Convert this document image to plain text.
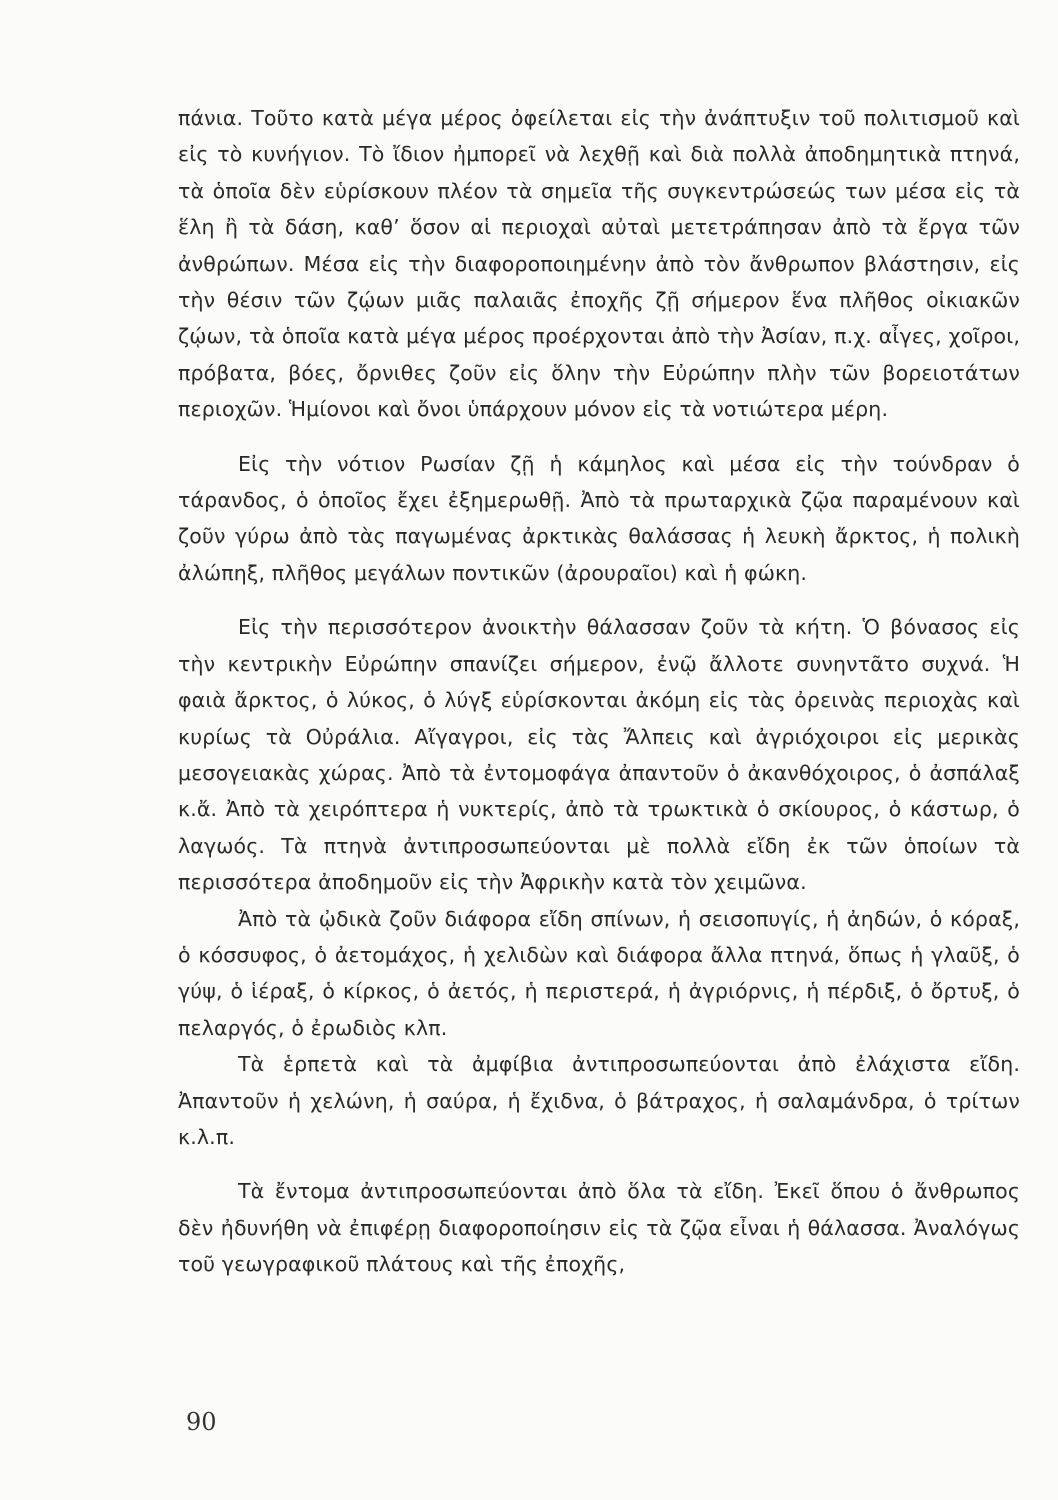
πάνια. Τοῦτο κατὰ μέγα μέρος ὀφείλεται εἰς τὴν ἀνάπτυξιν τοῦ πολιτισμοῦ καὶ εἰς τὸ κυνήγιον. Τὸ ἴδιον ἠμπορεῖ νὰ λεχθῇ καὶ διὰ πολλὰ ἀποδημητικὰ πτηνά, τὰ ὁποῖα δὲν εὑρίσκουν πλέον τὰ σημεῖα τῆς συγκεντρώσεώς των μέσα εἰς τὰ ἕλη ἢ τὰ δάση, καθ’ ὅσον αἱ περιοχαὶ αὐταὶ μετετράπησαν ἀπὸ τὰ ἔργα τῶν ἀνθρώπων. Μέσα εἰς τὴν διαφοροποιημένην ἀπὸ τὸν ἄνθρωπον βλάστησιν, εἰς τὴν θέσιν τῶν ζῴων μιᾶς παλαιᾶς ἐποχῆς ζῇ σήμερον ἕνα πλῆθος οἰκιακῶν ζῴων, τὰ ὁποῖα κατὰ μέγα μέρος προέρχονται ἀπὸ τὴν Ἀσίαν, π.χ. αἶγες, χοῖροι, πρόβατα, βόες, ὄρνιθες ζοῦν εἰς ὅλην τὴν Εὐρώπην πλὴν τῶν βορειοτάτων περιοχῶν. Ἡμίονοι καὶ ὄνοι ὑπάρχουν μόνον εἰς τὰ νοτιώτερα μέρη.

Εἰς τὴν νότιον Ρωσίαν ζῇ ἡ κάμηλος καὶ μέσα εἰς τὴν τούνδραν ὁ τάρανδος, ὁ ὁποῖος ἔχει ἐξημερωθῇ. Ἀπὸ τὰ πρωταρχικὰ ζῷα παραμένουν καὶ ζοῦν γύρω ἀπὸ τὰς παγωμένας ἀρκτικὰς θαλάσσας ἡ λευκὴ ἄρκτος, ἡ πολικὴ ἀλώπηξ, πλῆθος μεγάλων ποντικῶν (ἀρουραῖοι) καὶ ἡ φώκη.

Εἰς τὴν περισσότερον ἀνοικτὴν θάλασσαν ζοῦν τὰ κήτη. Ὁ βόνασος εἰς τὴν κεντρικὴν Εὐρώπην σπανίζει σήμερον, ἐνῷ ἄλλοτε συνηντᾶτο συχνά. Ἡ φαιὰ ἄρκτος, ὁ λύκος, ὁ λύγξ εὑρίσκονται ἀκόμη εἰς τὰς ὀρεινὰς περιοχὰς καὶ κυρίως τὰ Οὐράλια. Αἴγαγροι, εἰς τὰς Ἄλπεις καὶ ἀγριόχοιροι εἰς μερικὰς μεσογειακὰς χώρας. Ἀπὸ τὰ ἐντομοφάγα ἀπαντοῦν ὁ ἀκανθόχοιρος, ὁ ἀσπάλαξ κ.ἄ. Ἀπὸ τὰ χειρόπτερα ἡ νυκτερίς, ἀπὸ τὰ τρωκτικὰ ὁ σκίουρος, ὁ κάστωρ, ὁ λαγωός. Τὰ πτηνὰ ἀντιπροσωπεύονται μὲ πολλὰ εἴδη ἐκ τῶν ὁποίων τὰ περισσότερα ἀποδημοῦν εἰς τὴν Ἀφρικὴν κατὰ τὸν χειμῶνα.

Ἀπὸ τὰ ᾠδικὰ ζοῦν διάφορα εἴδη σπίνων, ἡ σεισοπυγίς, ἡ ἀηδών, ὁ κόραξ, ὁ κόσσυφος, ὁ ἀετομάχος, ἡ χελιδὼν καὶ διάφορα ἄλλα πτηνά, ὅπως ἡ γλαῦξ, ὁ γύψ, ὁ ἱέραξ, ὁ κίρκος, ὁ ἀετός, ἡ περιστερά, ἡ ἀγριόρνις, ἡ πέρδιξ, ὁ ὄρτυξ, ὁ πελαργός, ὁ ἐρωδιὸς κλπ.

Τὰ ἑρπετὰ καὶ τὰ ἀμφίβια ἀντιπροσωπεύονται ἀπὸ ἐλάχιστα εἴδη. Ἀπαντοῦν ἡ χελώνη, ἡ σαύρα, ἡ ἔχιδνα, ὁ βάτραχος, ἡ σαλαμάνδρα, ὁ τρίτων κ.λ.π.

Τὰ ἔντομα ἀντιπροσωπεύονται ἀπὸ ὅλα τὰ εἴδη. Ἐκεῖ ὅπου ὁ ἄνθρωπος δὲν ἠδυνήθη νὰ ἐπιφέρῃ διαφοροποίησιν εἰς τὰ ζῷα εἶναι ἡ θάλασσα. Ἀναλόγως τοῦ γεωγραφικοῦ πλάτους καὶ τῆς ἐποχῆς,

90
